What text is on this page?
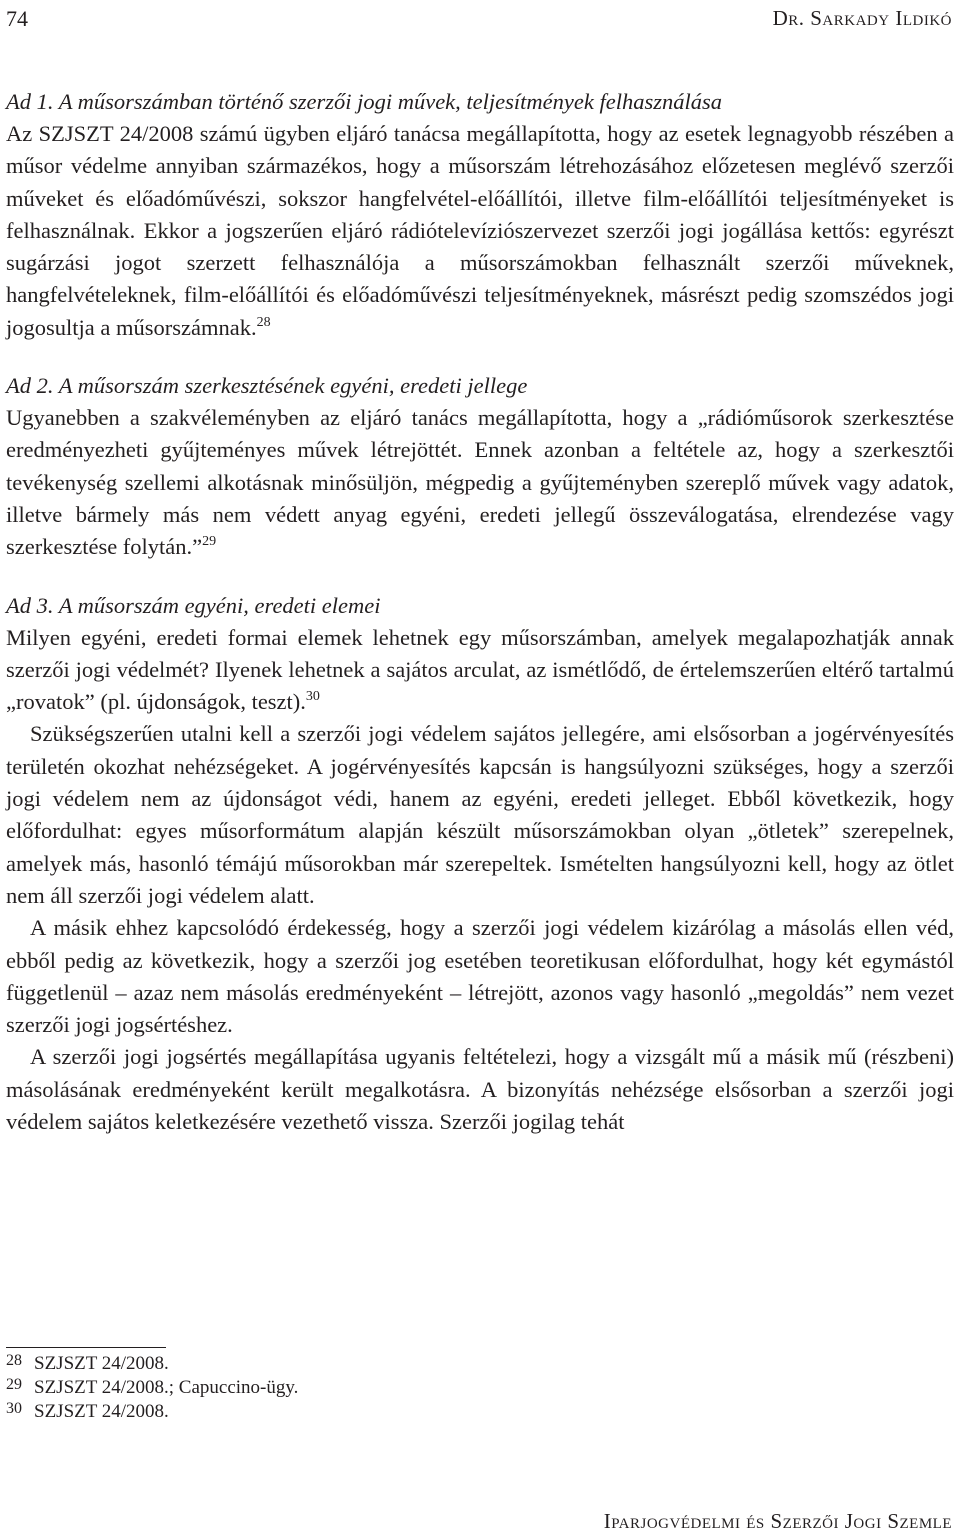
74	Dr. Sarkady Ildikó
Ad 1. A műsorszámban történő szerzői jogi művek, teljesítmények felhasználása

Az SZJSZT 24/2008 számú ügyben eljáró tanácsa megállapította, hogy az esetek legnagyobb részében a műsor védelme annyiban származékos, hogy a műsorszám létrehozásához előzetesen meglévő szerzői műveket és előadóművészi, sokszor hangfelvétel-előállítói, illetve film-előállítói teljesítményeket is felhasználnak. Ekkor a jogszerűen eljáró rádiótelevíziószervezet szerzői jogi jogállása kettős: egyrészt sugárzási jogot szerzett felhasználója a műsorszámokban felhasznált szerzői műveknek, hangfelvételeknek, film-előállítói és előadóművészi teljesítményeknek, másrészt pedig szomszédos jogi jogosultja a műsorszámnak.$^{28}$

Ad 2. A műsorszám szerkesztésének egyéni, eredeti jellege

Ugyanebben a szakvéleményben az eljáró tanács megállapította, hogy a „rádióműsorok szerkesztése eredményezheti gyűjteményes művek létrejöttét. Ennek azonban a feltétele az, hogy a szerkesztői tevékenység szellemi alkotásnak minősüljön, mégpedig a gyűjteményben szereplő művek vagy adatok, illetve bármely más nem védett anyag egyéni, eredeti jellegű összeválogatása, elrendezése vagy szerkesztése folytán.”$^{29}$

Ad 3. A műsorszám egyéni, eredeti elemei

Milyen egyéni, eredeti formai elemek lehetnek egy műsorszámban, amelyek megalapozhatják annak szerzői jogi védelmét? Ilyenek lehetnek a sajátos arculat, az ismétlődő, de értelemszerűen eltérő tartalmú „rovatok” (pl. újdonságok, teszt).$^{30}$

Szükségszerűen utalni kell a szerzői jogi védelem sajátos jellegére, ami elsősorban a jogérvényesítés területén okozhat nehézségeket. A jogérvényesítés kapcsán is hangsúlyozni szükséges, hogy a szerzői jogi védelem nem az újdonságot védi, hanem az egyéni, eredeti jelleget. Ebből következik, hogy előfordulhat: egyes műsorformátum alapján készült műsorszámokban olyan „ötletek” szerepelnek, amelyek más, hasonló témájú műsorokban már szerepeltek. Ismételten hangsúlyozni kell, hogy az ötlet nem áll szerzői jogi védelem alatt.

A másik ehhez kapcsolódó érdekesség, hogy a szerzői jogi védelem kizárólag a másolás ellen véd, ebből pedig az következik, hogy a szerzői jog esetében teoretikusan előfordulhat, hogy két egymástól függetlenül – azaz nem másolás eredményeként – létrejött, azonos vagy hasonló „megoldás” nem vezet szerzői jogi jogsértéshez.

A szerzői jogi jogsértés megállapítása ugyanis feltételezi, hogy a vizsgált mű a másik mű (részbeni) másolásának eredményeként került megalkotásra. A bizonyítás nehézsége elsősorban a szerzői jogi védelem sajátos keletkezésére vezethető vissza. Szerzői jogilag tehát

28 SZJSZT 24/2008.
29 SZJSZT 24/2008.; Capuccino-ügy.
30 SZJSZT 24/2008.
Iparjogvédelmi és Szerzői Jogi Szemle
